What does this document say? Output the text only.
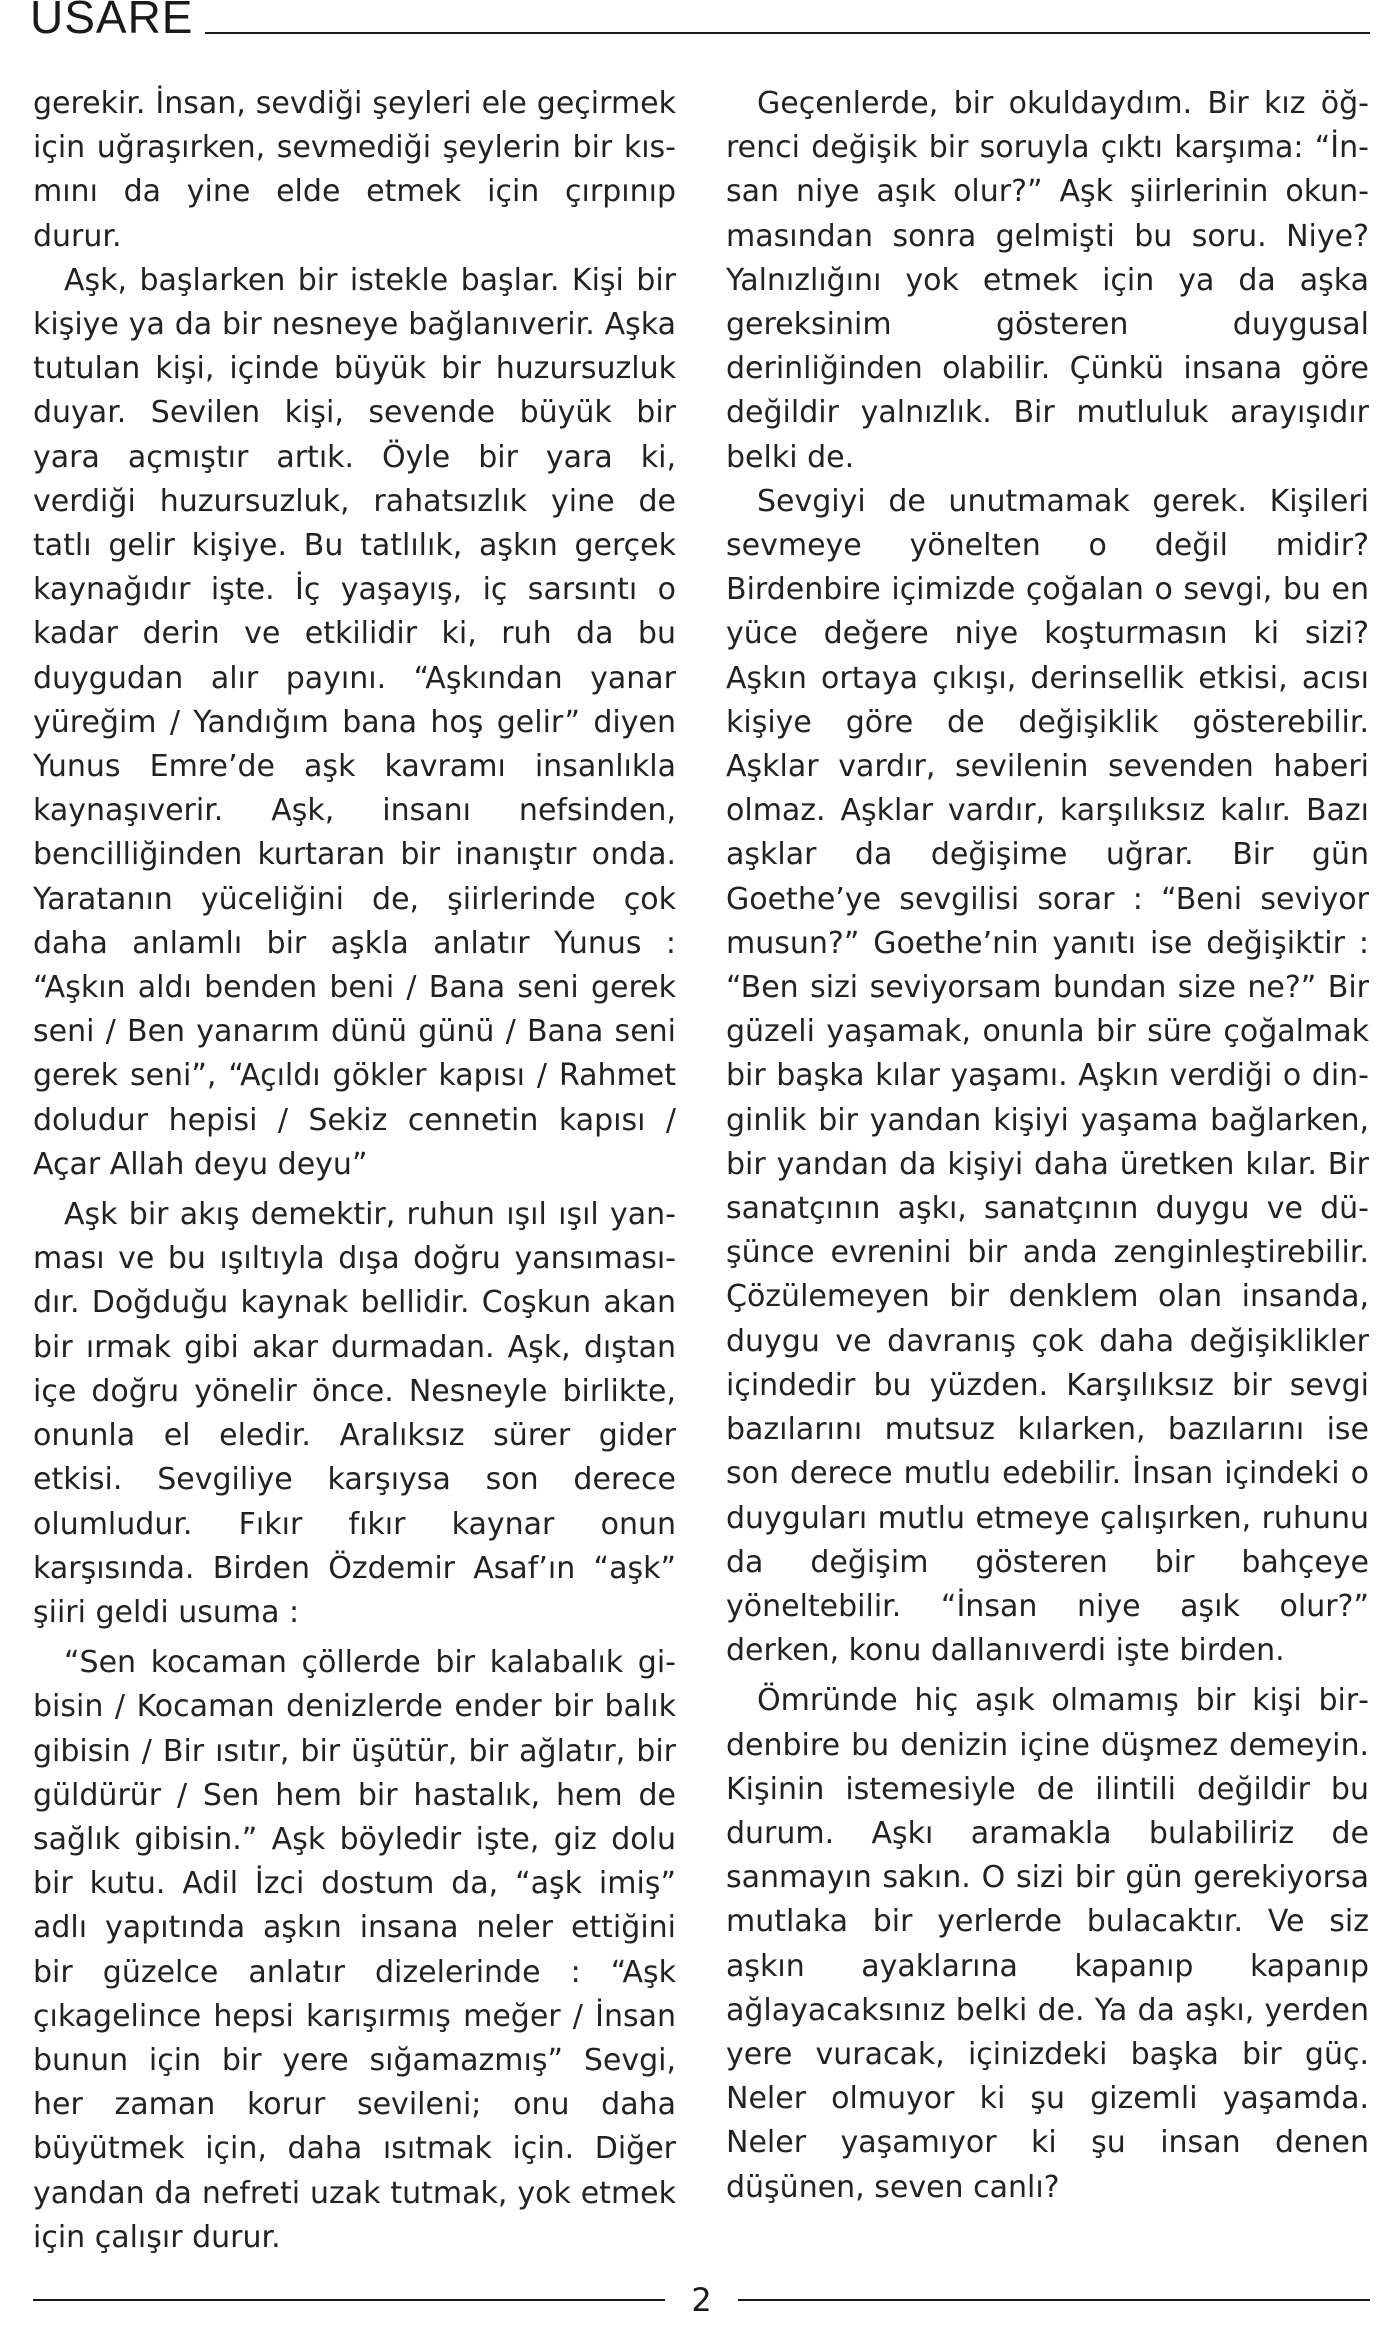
USARE

gerekir. İnsan, sevdiği şeyleri ele geçirmek için uğraşırken, sevmediği şeylerin bir kısmını da yine elde etmek için çırpınıp durur.

Aşk, başlarken bir istekle başlar. Kişi bir kişiye ya da bir nesneye bağlanıverir. Aşka tutulan kişi, içinde büyük bir huzursuzluk duyar. Sevilen kişi, sevende büyük bir yara açmıştır artık. Öyle bir yara ki, verdiği huzursuzluk, rahatsızlık yine de tatlı gelir kişiye. Bu tatlılık, aşkın gerçek kaynağıdır işte. İç yaşayış, iç sarsıntı o kadar derin ve etkilidir ki, ruh da bu duygudan alır payını. “Aşkından yanar yüreğim / Yandığım bana hoş gelir” diyen Yunus Emre’de aşk kavramı insanlıkla kaynaşıverir. Aşk, insanı nefsinden, bencilliğinden kurtaran bir inanıştır onda. Yaratanın yüceliğini de, şiirlerinde çok daha anlamlı bir aşkla anlatır Yunus : “Aşkın aldı benden beni / Bana seni gerek seni / Ben yanarım dünü günü / Bana seni gerek seni”, “Açıldı gökler kapısı / Rahmet doludur hepisi / Sekiz cennetin kapısı / Açar Allah deyu deyu”

Aşk bir akış demektir, ruhun ışıl ışıl yanması ve bu ışıltıyla dışa doğru yansımasıdır. Doğduğu kaynak bellidir. Coşkun akan bir ırmak gibi akar durmadan. Aşk, dıştan içe doğru yönelir önce. Nesneyle birlikte, onunla el eledir. Aralıksız sürer gider etkisi. Sevgiliye karşıysa son derece olumludur. Fıkır fıkır kaynar onun karşısında. Birden Özdemir Asaf’ın “aşk” şiiri geldi usuma :

“Sen kocaman çöllerde bir kalabalık gibisin / Kocaman denizlerde ender bir balık gibisin / Bir ısıtır, bir üşütür, bir ağlatır, bir güldürür / Sen hem bir hastalık, hem de sağlık gibisin.” Aşk böyledir işte, giz dolu bir kutu. Adil İzci dostum da, “aşk imiş” adlı yapıtında aşkın insana neler ettiğini bir güzelce anlatır dizelerinde : “Aşk çıkagelince hepsi karışırmış meğer / İnsan bunun için bir yere sığamazmış” Sevgi, her zaman korur sevileni; onu daha büyütmek için, daha ısıtmak için. Diğer yandan da nefreti uzak tutmak, yok etmek için çalışır durur.

Geçenlerde, bir okuldaydım. Bir kız öğrenci değişik bir soruyla çıktı karşıma: “İnsan niye aşık olur?” Aşk şiirlerinin okunmasından sonra gelmişti bu soru. Niye? Yalnızlığını yok etmek için ya da aşka gereksinim gösteren duygusal derinliğinden olabilir. Çünkü insana göre değildir yalnızlık. Bir mutluluk arayışıdır belki de.

Sevgiyi de unutmamak gerek. Kişileri sevmeye yönelten o değil midir? Birdenbire içimizde çoğalan o sevgi, bu en yüce değere niye koşturmasın ki sizi? Aşkın ortaya çıkışı, derinsellik etkisi, acısı kişiye göre de değişiklik gösterebilir. Aşklar vardır, sevilenin sevenden haberi olmaz. Aşklar vardır, karşılıksız kalır. Bazı aşklar da değişime uğrar. Bir gün Goethe’ye sevgilisi sorar : “Beni seviyor musun?” Goethe’nin yanıtı ise değişiktir : “Ben sizi seviyorsam bundan size ne?” Bir güzeli yaşamak, onunla bir süre çoğalmak bir başka kılar yaşamı. Aşkın verdiği o dinginlik bir yandan kişiyi yaşama bağlarken, bir yandan da kişiyi daha üretken kılar. Bir sanatçının aşkı, sanatçının duygu ve düşünce evrenini bir anda zenginleştirebilir. Çözülemeyen bir denklem olan insanda, duygu ve davranış çok daha değişiklikler içindedir bu yüzden. Karşılıksız bir sevgi bazılarını mutsuz kılarken, bazılarını ise son derece mutlu edebilir. İnsan içindeki o duyguları mutlu etmeye çalışırken, ruhunu da değişim gösteren bir bahçeye yöneltebilir. “İnsan niye aşık olur?” derken, konu dallanıverdi işte birden.

Ömründe hiç aşık olmamış bir kişi birdenbire bu denizin içine düşmez demeyin. Kişinin istemesiyle de ilintili değildir bu durum. Aşkı aramakla bulabiliriz de sanmayın sakın. O sizi bir gün gerekiyorsa mutlaka bir yerlerde bulacaktır. Ve siz aşkın ayaklarına kapanıp kapanıp ağlayacaksınız belki de. Ya da aşkı, yerden yere vuracak, içinizdeki başka bir güç. Neler olmuyor ki şu gizemli yaşamda. Neler yaşamıyor ki şu insan denen düşünen, seven canlı?

2
